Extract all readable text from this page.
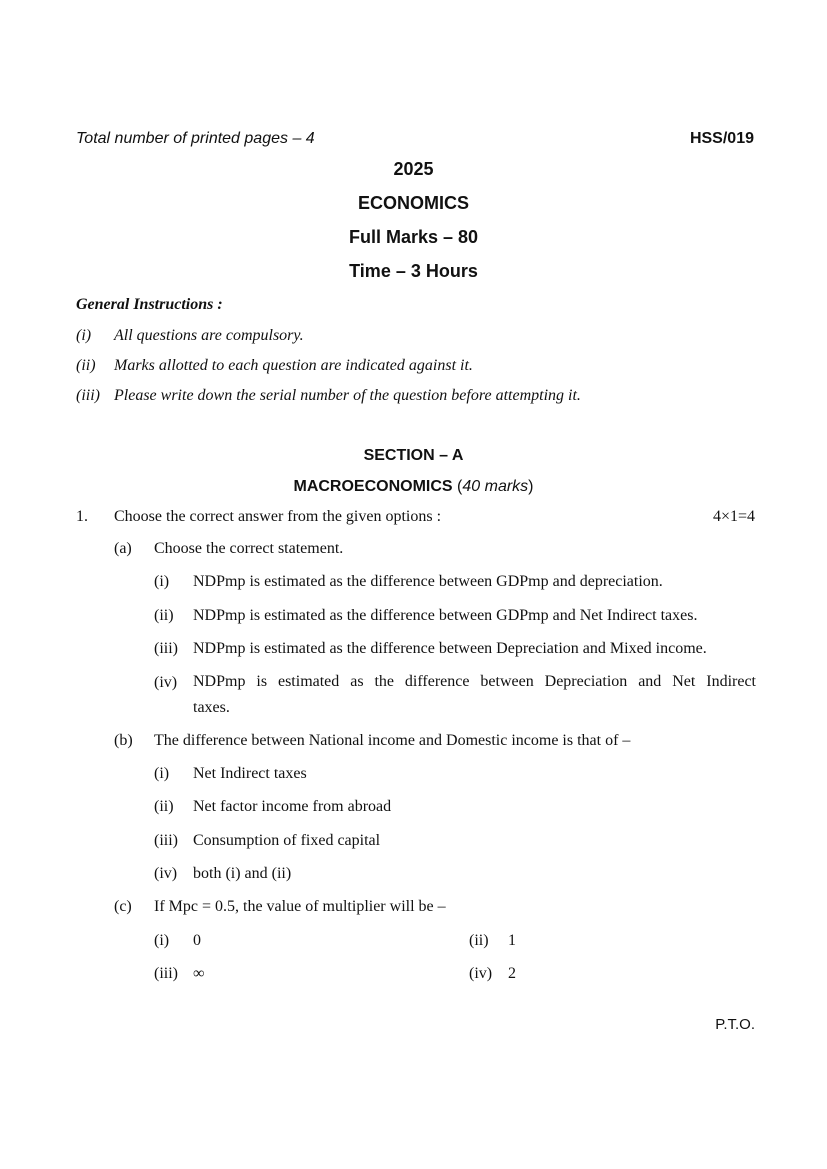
Total number of printed pages – 4	HSS/019
2025
ECONOMICS
Full Marks – 80
Time – 3 Hours
General Instructions :
(i) All questions are compulsory.
(ii) Marks allotted to each question are indicated against it.
(iii) Please write down the serial number of the question before attempting it.
SECTION – A
MACROECONOMICS (40 marks)
1. Choose the correct answer from the given options :	4×1=4
(a) Choose the correct statement.
(i) NDPmp is estimated as the difference between GDPmp and depreciation.
(ii) NDPmp is estimated as the difference between GDPmp and Net Indirect taxes.
(iii) NDPmp is estimated as the difference between Depreciation and Mixed income.
(iv) NDPmp is estimated as the difference between Depreciation and Net Indirect
taxes.
(b) The difference between National income and Domestic income is that of –
(i) Net Indirect taxes
(ii) Net factor income from abroad
(iii) Consumption of fixed capital
(iv) both (i) and (ii)
(c) If Mpc = 0.5, the value of multiplier will be –
(i) 0	(ii) 1
(iii) ∞	(iv) 2
P.T.O.
